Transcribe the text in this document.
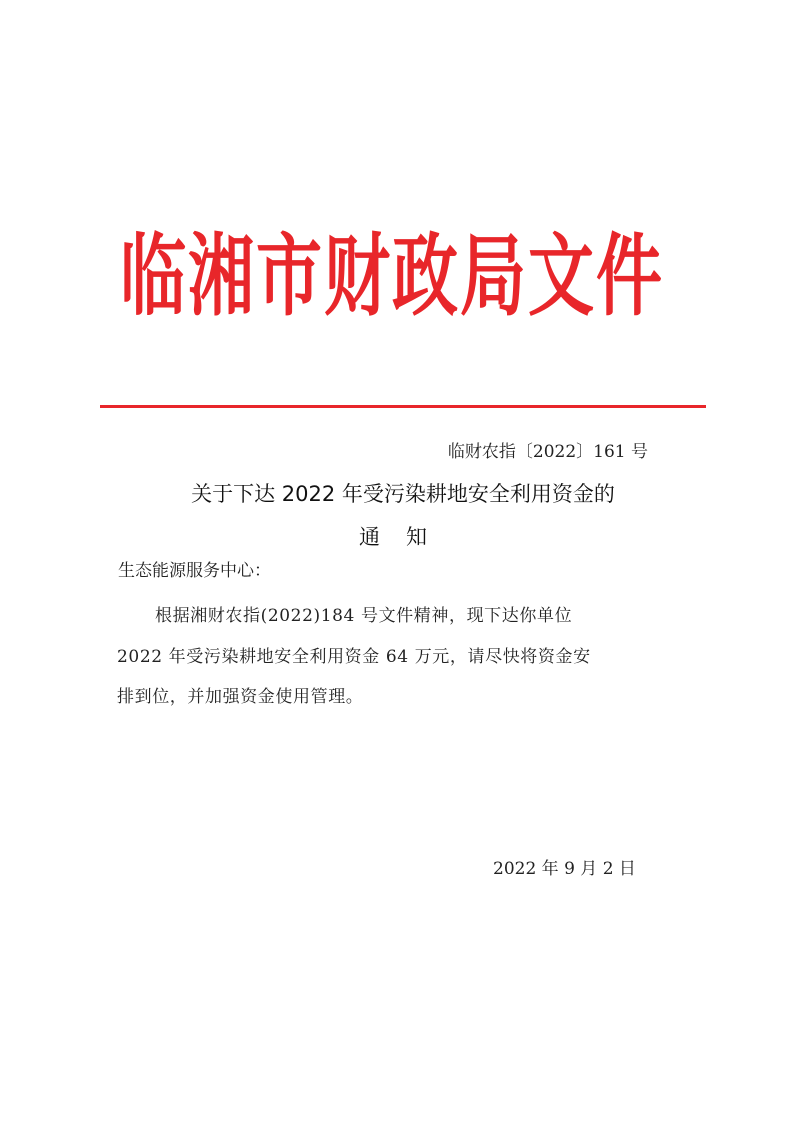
临湘市财政局文件
临财农指〔2022〕161 号
关于下达 2022 年受污染耕地安全利用资金的
通知
生态能源服务中心：
根据湘财农指(2022)184 号文件精神，现下达你单位
2022 年受污染耕地安全利用资金 64 万元，请尽快将资金安
排到位，并加强资金使用管理。
2022 年 9 月 2 日
